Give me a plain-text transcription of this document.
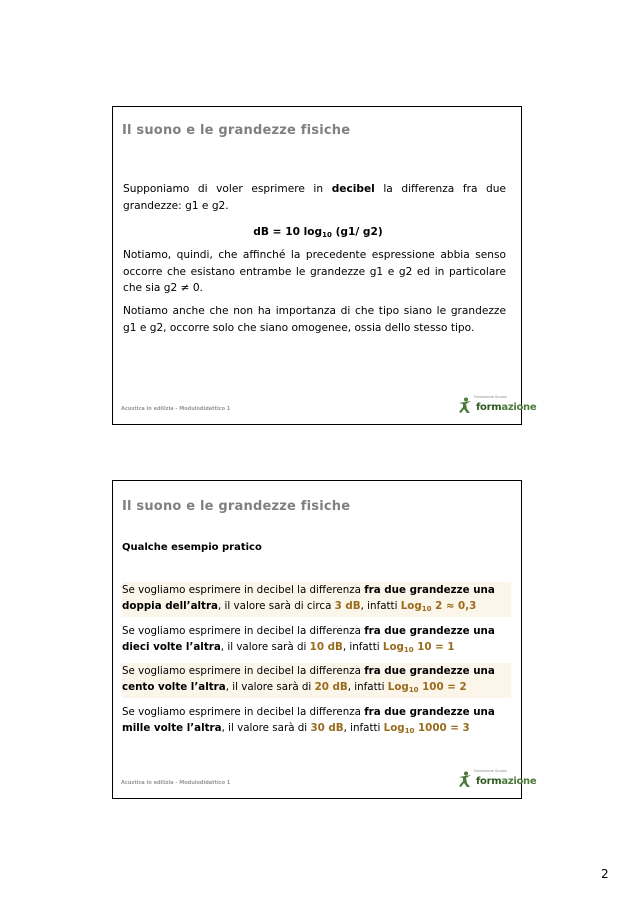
Il suono e le grandezze fisiche
Supponiamo di voler esprimere in decibel la differenza fra due grandezze: g1 e g2.
dB = 10 $\log_{10} (g1/$ g2)
Notiamo, quindi, che affinché la precedente espressione abbia senso occorre che esistano entrambe le grandezze g1 e g2 ed in particolare che sia g2 ≠ 0.
Notiamo anche che non ha importanza di che tipo siano le grandezze g1 e g2, occorre solo che siano omogenee, ossia dello stesso tipo.
Acustica in edilizia - Modulodidattico 1
Fondazione Scuola
formazione
Il suono e le grandezze fisiche
Qualche esempio pratico
Se vogliamo esprimere in decibel la differenza fra due grandezze una doppia dell’altra, il valore sarà di circa 3 dB, infatti Log$_{10}$ 2 ≈ 0,3
Se vogliamo esprimere in decibel la differenza fra due grandezze una dieci volte l’altra, il valore sarà di 10 dB, infatti Log$_{10}$ 10 = 1
Se vogliamo esprimere in decibel la differenza fra due grandezze una cento volte l’altra, il valore sarà di 20 dB, infatti Log$_{10}$ 100 = 2
Se vogliamo esprimere in decibel la differenza fra due grandezze una mille volte l’altra, il valore sarà di 30 dB, infatti Log$_{10}$ 1000 = 3
Acustica in edilizia - Modulodidattico 1
Fondazione Scuola
formazione
2
